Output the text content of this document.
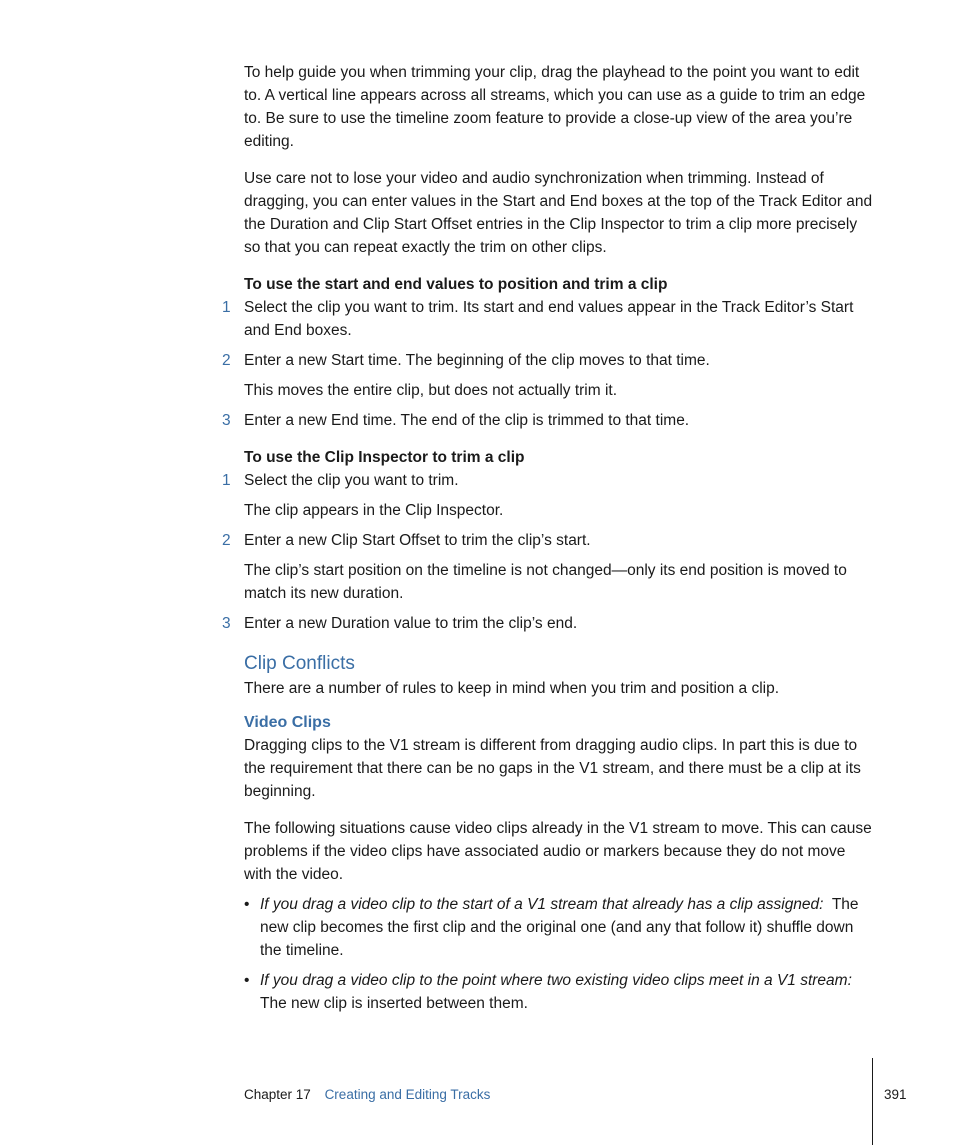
To help guide you when trimming your clip, drag the playhead to the point you want to edit to. A vertical line appears across all streams, which you can use as a guide to trim an edge to. Be sure to use the timeline zoom feature to provide a close-up view of the area you’re editing.

Use care not to lose your video and audio synchronization when trimming. Instead of dragging, you can enter values in the Start and End boxes at the top of the Track Editor and the Duration and Clip Start Offset entries in the Clip Inspector to trim a clip more precisely so that you can repeat exactly the trim on other clips.

To use the start and end values to position and trim a clip

1 Select the clip you want to trim. Its start and end values appear in the Track Editor’s Start and End boxes.
2 Enter a new Start time. The beginning of the clip moves to that time.

This moves the entire clip, but does not actually trim it.

3 Enter a new End time. The end of the clip is trimmed to that time.

To use the Clip Inspector to trim a clip

1 Select the clip you want to trim.

The clip appears in the Clip Inspector.

2 Enter a new Clip Start Offset to trim the clip’s start.

The clip’s start position on the timeline is not changed—only its end position is moved to match its new duration.

3 Enter a new Duration value to trim the clip’s end.
Clip Conflicts

There are a number of rules to keep in mind when you trim and position a clip.

Video Clips

Dragging clips to the V1 stream is different from dragging audio clips. In part this is due to the requirement that there can be no gaps in the V1 stream, and there must be a clip at its beginning.

The following situations cause video clips already in the V1 stream to move. This can cause problems if the video clips have associated audio or markers because they do not move with the video.

• If you drag a video clip to the start of a V1 stream that already has a clip assigned: The new clip becomes the first clip and the original one (and any that follow it) shuffle down the timeline.
• If you drag a video clip to the point where two existing video clips meet in a V1 stream:  The new clip is inserted between them.
Chapter 17 Creating and Editing Tracks	391
